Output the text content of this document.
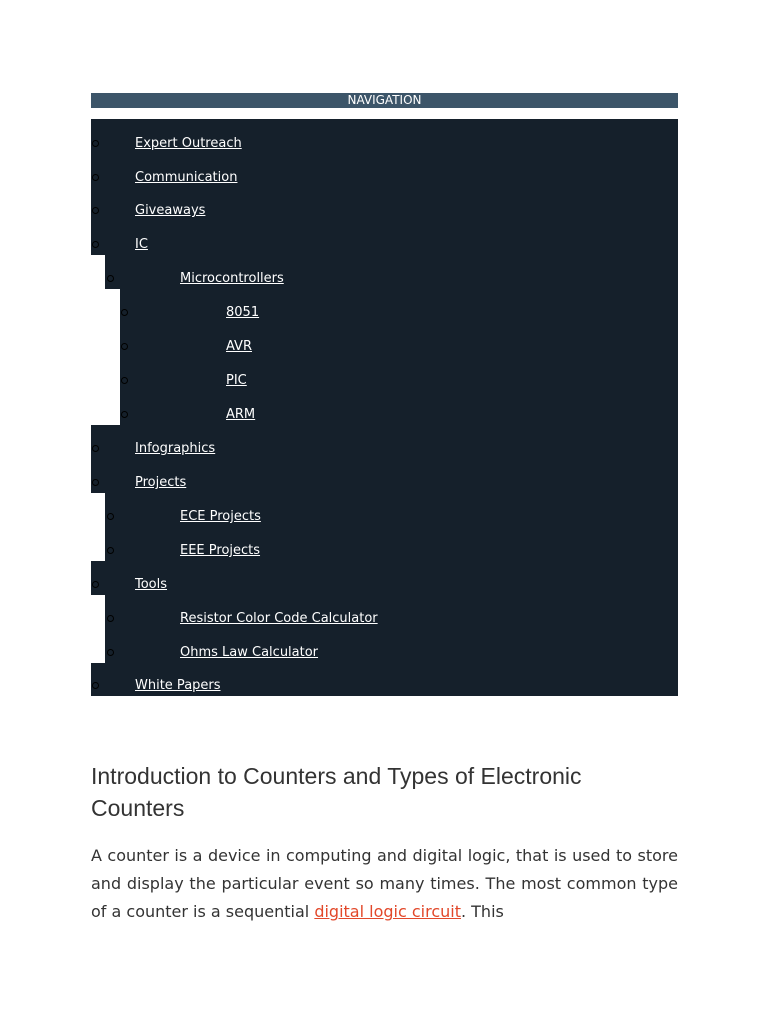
NAVIGATION
Expert Outreach
Communication
Giveaways
IC
Microcontrollers
8051
AVR
PIC
ARM
Infographics
Projects
ECE Projects
EEE Projects
Tools
Resistor Color Code Calculator
Ohms Law Calculator
White Papers
Introduction to Counters and Types of Electronic Counters

A counter is a device in computing and digital logic, that is used to store and display the particular event so many times. The most common type of a counter is a sequential digital logic circuit. This
